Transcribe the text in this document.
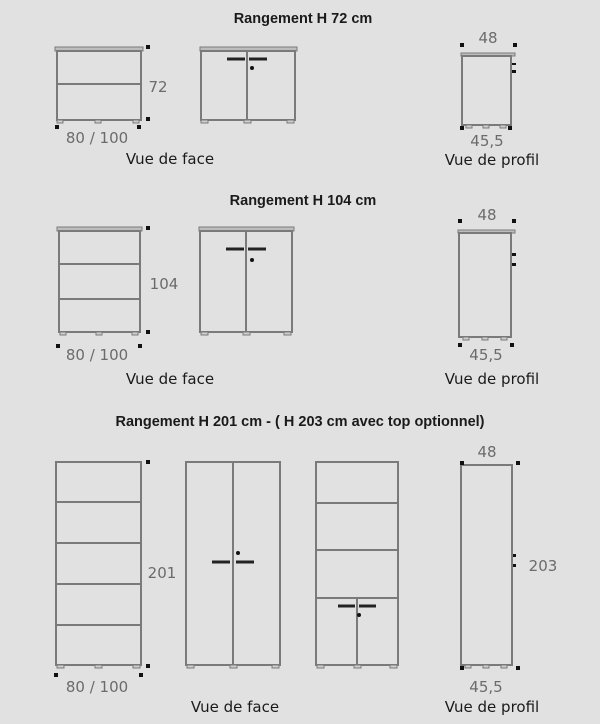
Rangement H 72 cm
72
80 / 100
Vue de face
48
45,5
Vue de profil
Rangement H 104 cm
104
80 / 100
Vue de face
48
45,5
Vue de profil
Rangement H 201 cm - ( H 203 cm avec top optionnel)
201
80 / 100
Vue de face
48
203
45,5
Vue de profil
